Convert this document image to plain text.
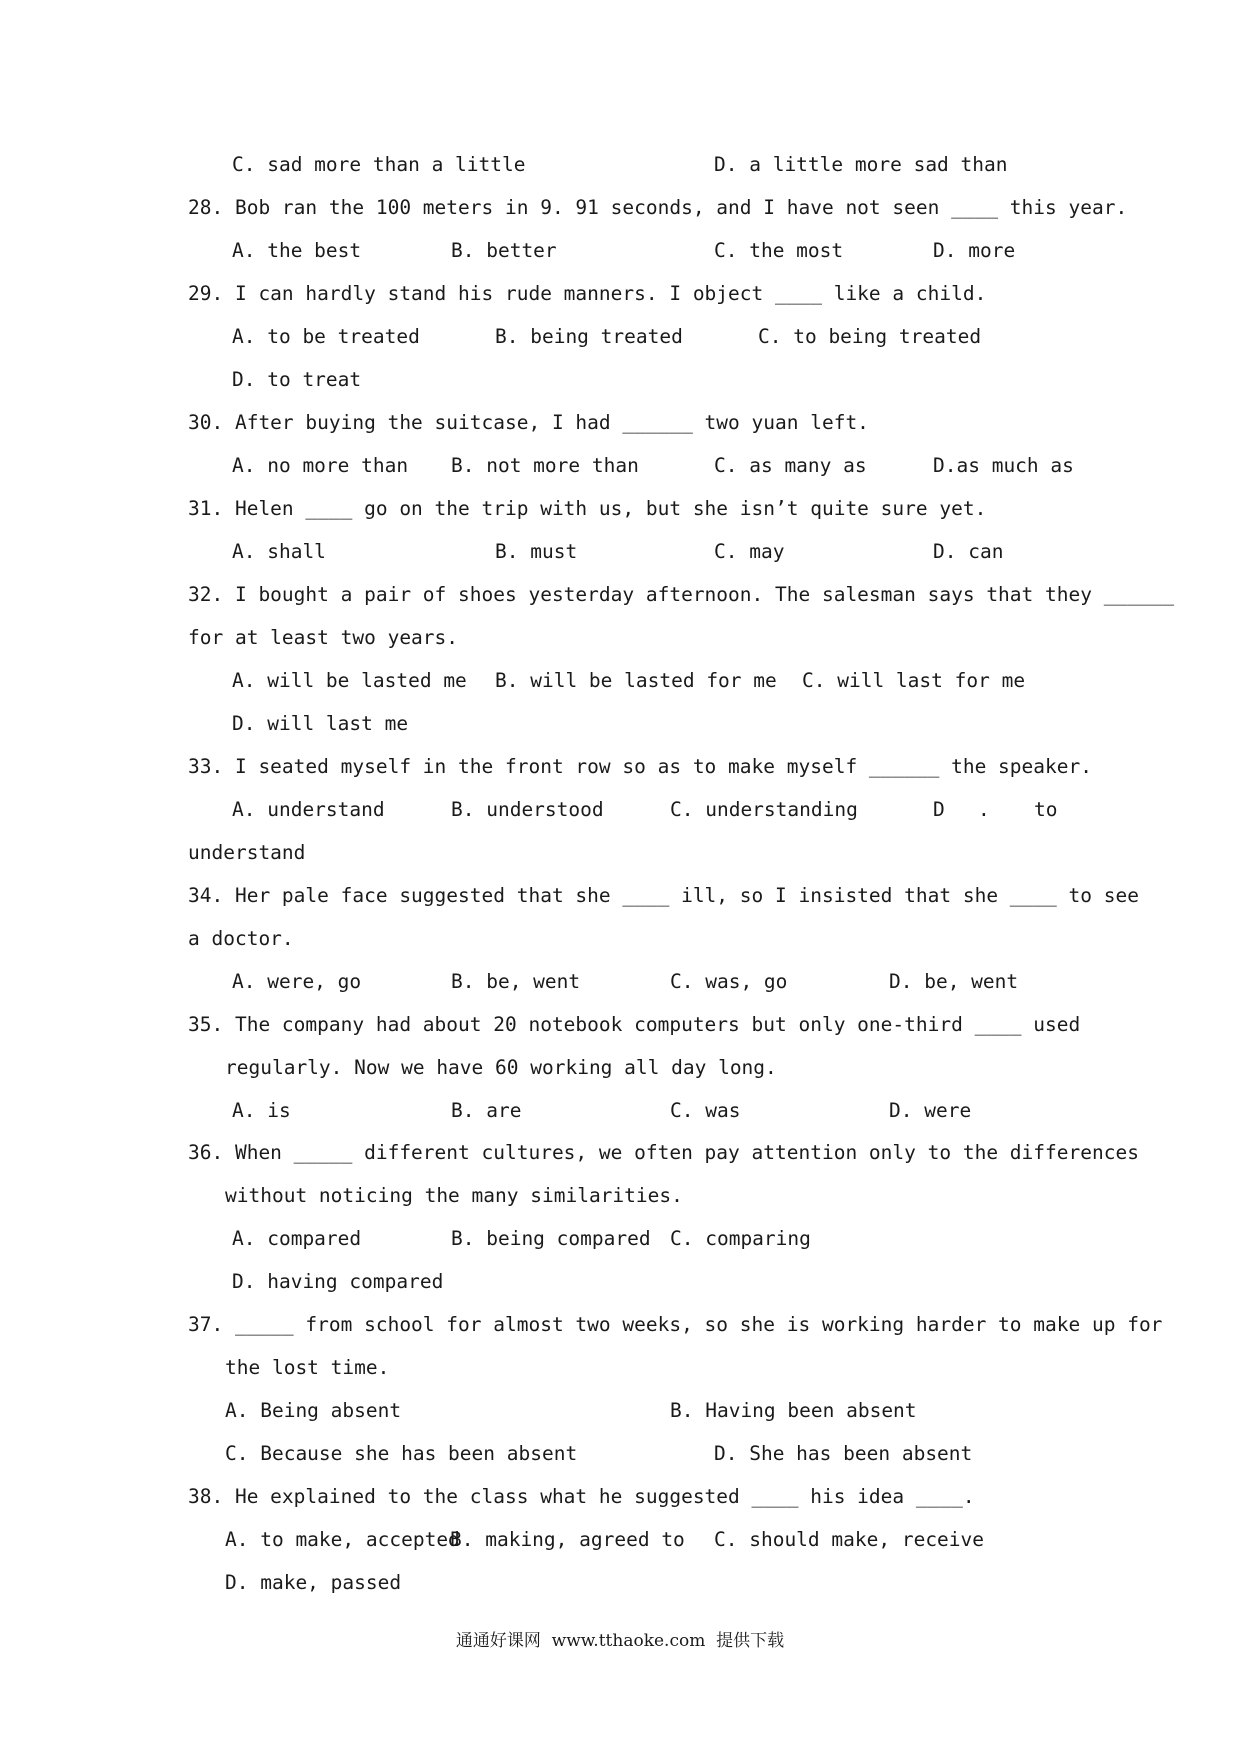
C. sad more than a little	D. a little more sad than
28. Bob ran the 100 meters in 9. 91 seconds, and I have not seen ____ this year.
A. the best	B. better	C. the most	D. more
29. I can hardly stand his rude manners. I object ____ like a child.
A. to be treated	B. being treated	C. to being treated
D. to treat
30. After buying the suitcase, I had ______ two yuan left.
A. no more than B. not more than	C. as many as	D.as much as
31. Helen ____ go on the trip with us, but she isn’t quite sure yet.
A. shall	B. must	C. may	D. can
32. I bought a pair of shoes yesterday afternoon. The salesman says that they ______
for at least two years.
A. will be lasted me B. will be lasted for me C. will last for me
D. will last me
33. I seated myself in the front row so as to make myself ______ the speaker.
A. understand	B. understood	C. understanding	D . to
understand
34. Her pale face suggested that she ____ ill, so I insisted that she ____ to see
a doctor.
A. were, go	B. be, went	C. was, go	D. be, went
35. The company had about 20 notebook computers but only one-third ____ used
regularly. Now we have 60 working all day long.
A. is	B. are	C. was	D. were
36. When _____ different cultures, we often pay attention only to the differences
without noticing the many similarities.
A. compared	B. being compared C. comparing
D. having compared
37. _____ from school for almost two weeks, so she is working harder to make up for
the lost time.
A. Being absent	B. Having been absent
C. Because she has been absent	D. She has been absent
38. He explained to the class what he suggested ____ his idea ____.
A. to make, accepted
B. making, agreed to C. should make, receive
D. make, passed
通通好课网  www.tthaoke.com  提供下载
